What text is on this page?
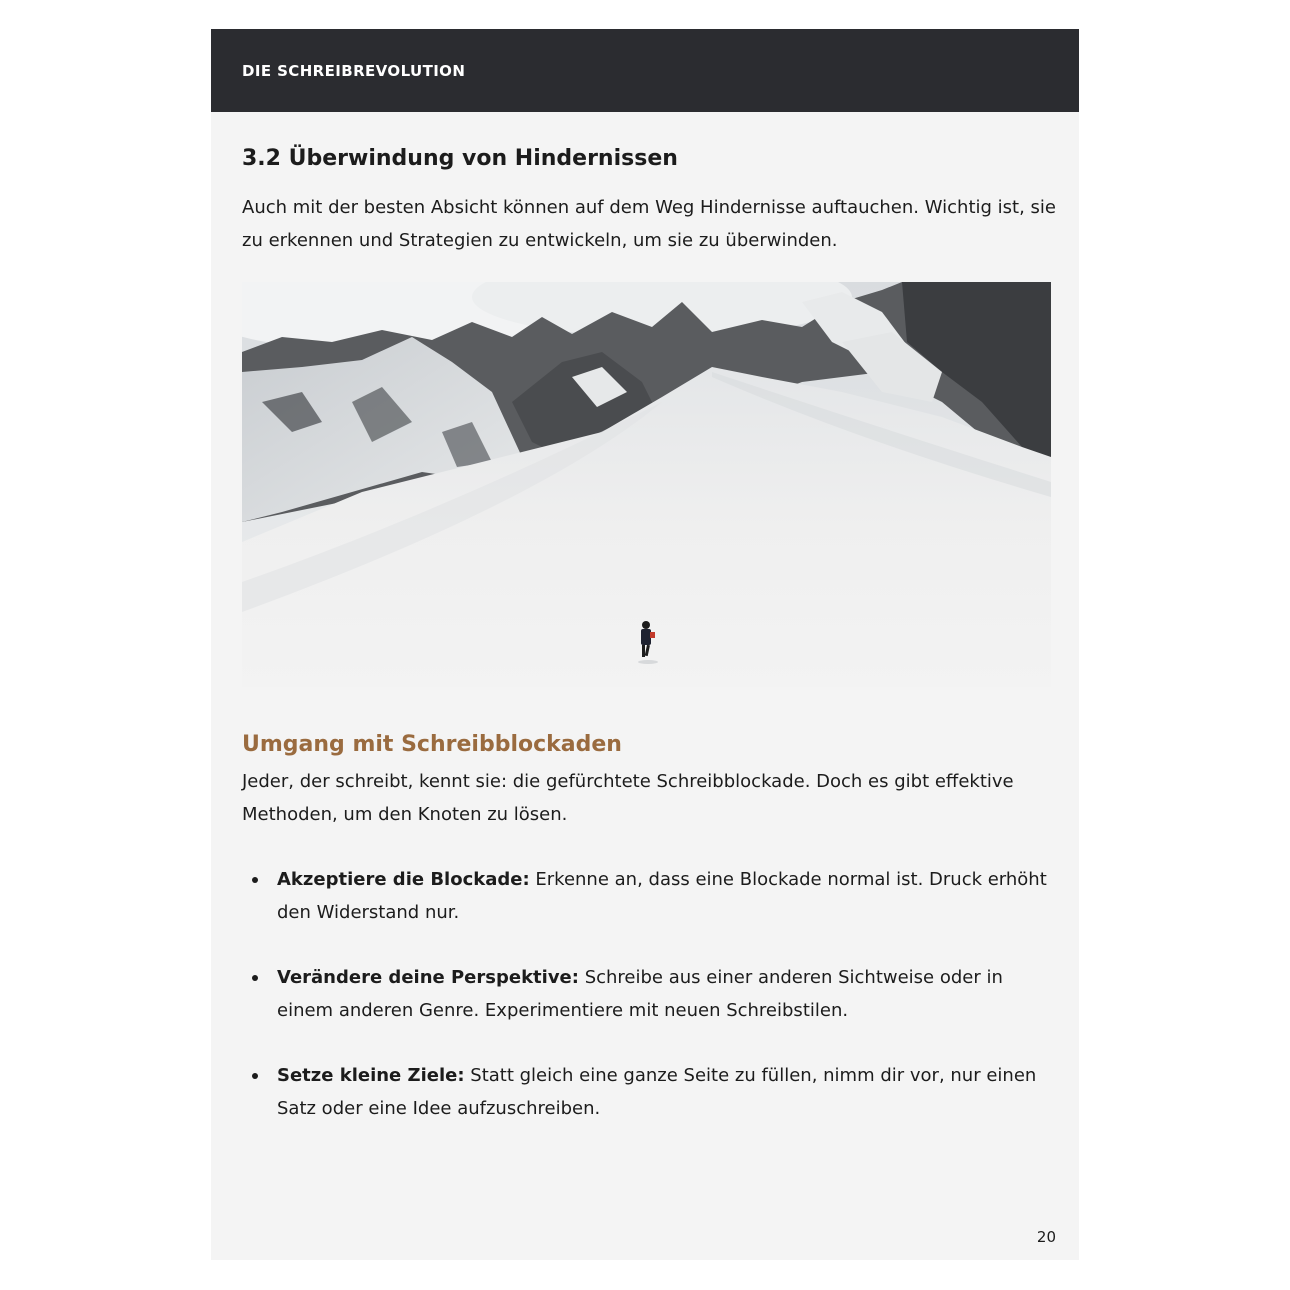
DIE SCHREIBREVOLUTION
3.2 Überwindung von Hindernissen
Auch mit der besten Absicht können auf dem Weg Hindernisse auftauchen. Wichtig ist, sie zu erkennen und Strategien zu entwickeln, um sie zu überwinden.
Umgang mit Schreibblockaden
Jeder, der schreibt, kennt sie: die gefürchtete Schreibblockade. Doch es gibt effektive Methoden, um den Knoten zu lösen.
Akzeptiere die Blockade: Erkenne an, dass eine Blockade normal ist. Druck erhöht den Widerstand nur.
Verändere deine Perspektive: Schreibe aus einer anderen Sichtweise oder in einem anderen Genre. Experimentiere mit neuen Schreibstilen.
Setze kleine Ziele: Statt gleich eine ganze Seite zu füllen, nimm dir vor, nur einen Satz oder eine Idee aufzuschreiben.
20
